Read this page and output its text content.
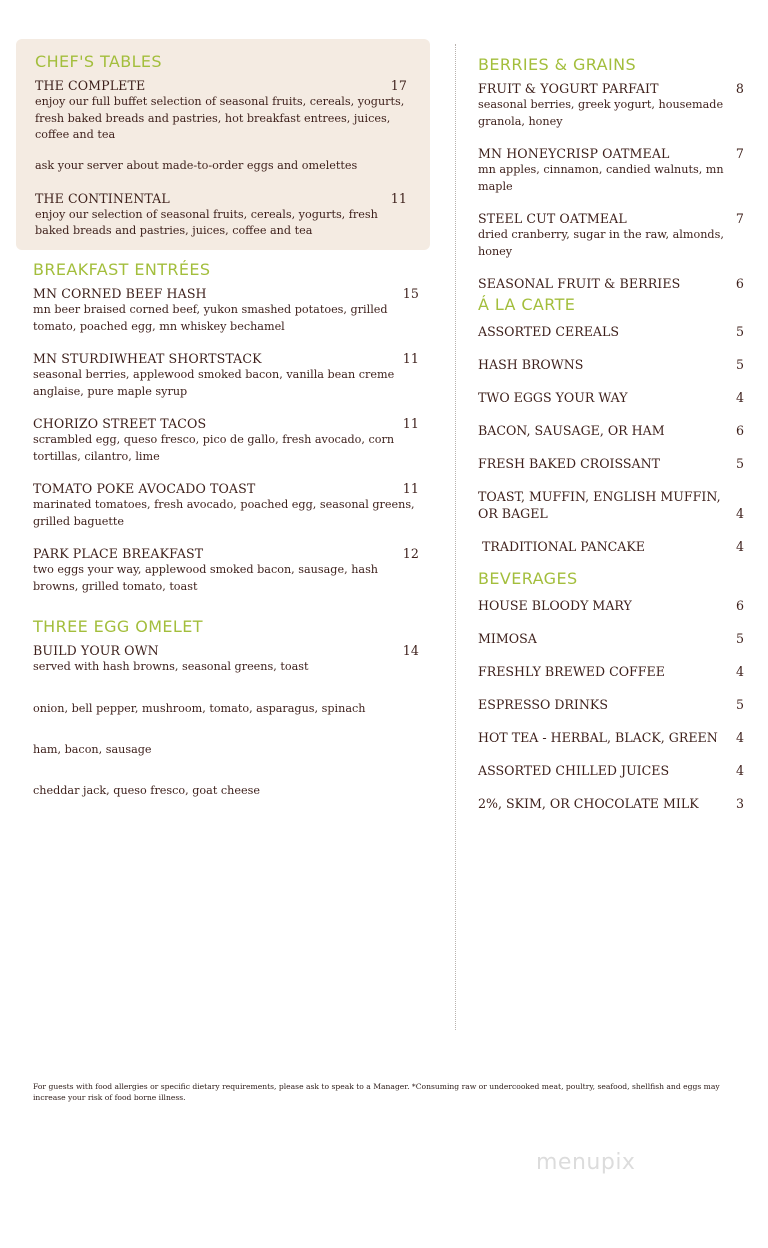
CHEF'S TABLES
THE COMPLETE	17
enjoy our full buffet selection of seasonal fruits, cereals, yogurts, fresh baked breads and pastries, hot breakfast entrees, juices, coffee and tea
ask your server about made-to-order eggs and omelettes
THE CONTINENTAL	11
enjoy our selection of seasonal fruits, cereals, yogurts, fresh baked breads and pastries, juices, coffee and tea
BREAKFAST ENTRÉES
MN CORNED BEEF HASH	15
mn beer braised corned beef, yukon smashed potatoes, grilled tomato, poached egg, mn whiskey bechamel
MN STURDIWHEAT SHORTSTACK	11
seasonal berries, applewood smoked bacon, vanilla bean creme anglaise, pure maple syrup
CHORIZO STREET TACOS	11
scrambled egg, queso fresco, pico de gallo, fresh avocado, corn tortillas, cilantro, lime
TOMATO POKE AVOCADO TOAST	11
marinated tomatoes, fresh avocado, poached egg, seasonal greens, grilled baguette
PARK PLACE BREAKFAST	12
two eggs your way, applewood smoked bacon, sausage, hash browns, grilled tomato, toast
THREE EGG OMELET
BUILD YOUR OWN	14
served with hash browns, seasonal greens, toast
onion, bell pepper, mushroom, tomato, asparagus, spinach
ham, bacon, sausage
cheddar jack, queso fresco, goat cheese
BERRIES & GRAINS
FRUIT & YOGURT PARFAIT	8
seasonal berries, greek yogurt, housemade granola, honey
MN HONEYCRISP OATMEAL	7
mn apples, cinnamon, candied walnuts, mn maple
STEEL CUT OATMEAL	7
dried cranberry, sugar in the raw, almonds, honey
SEASONAL FRUIT & BERRIES	6
Á LA CARTE
ASSORTED CEREALS	5
HASH BROWNS	5
TWO EGGS YOUR WAY	4
BACON, SAUSAGE, OR HAM	6
FRESH BAKED CROISSANT	5
TOAST, MUFFIN, ENGLISH MUFFIN, OR BAGEL	4
TRADITIONAL PANCAKE	4
BEVERAGES
HOUSE BLOODY MARY	6
MIMOSA	5
FRESHLY BREWED COFFEE	4
ESPRESSO DRINKS	5
HOT TEA - HERBAL, BLACK, GREEN 4
ASSORTED CHILLED JUICES	4
2%, SKIM, OR CHOCOLATE MILK	3
For guests with food allergies or specific dietary requirements, please ask to speak to a Manager. *Consuming raw or undercooked meat, poultry, seafood, shellfish and eggs may increase your risk of food borne illness.
menupix
